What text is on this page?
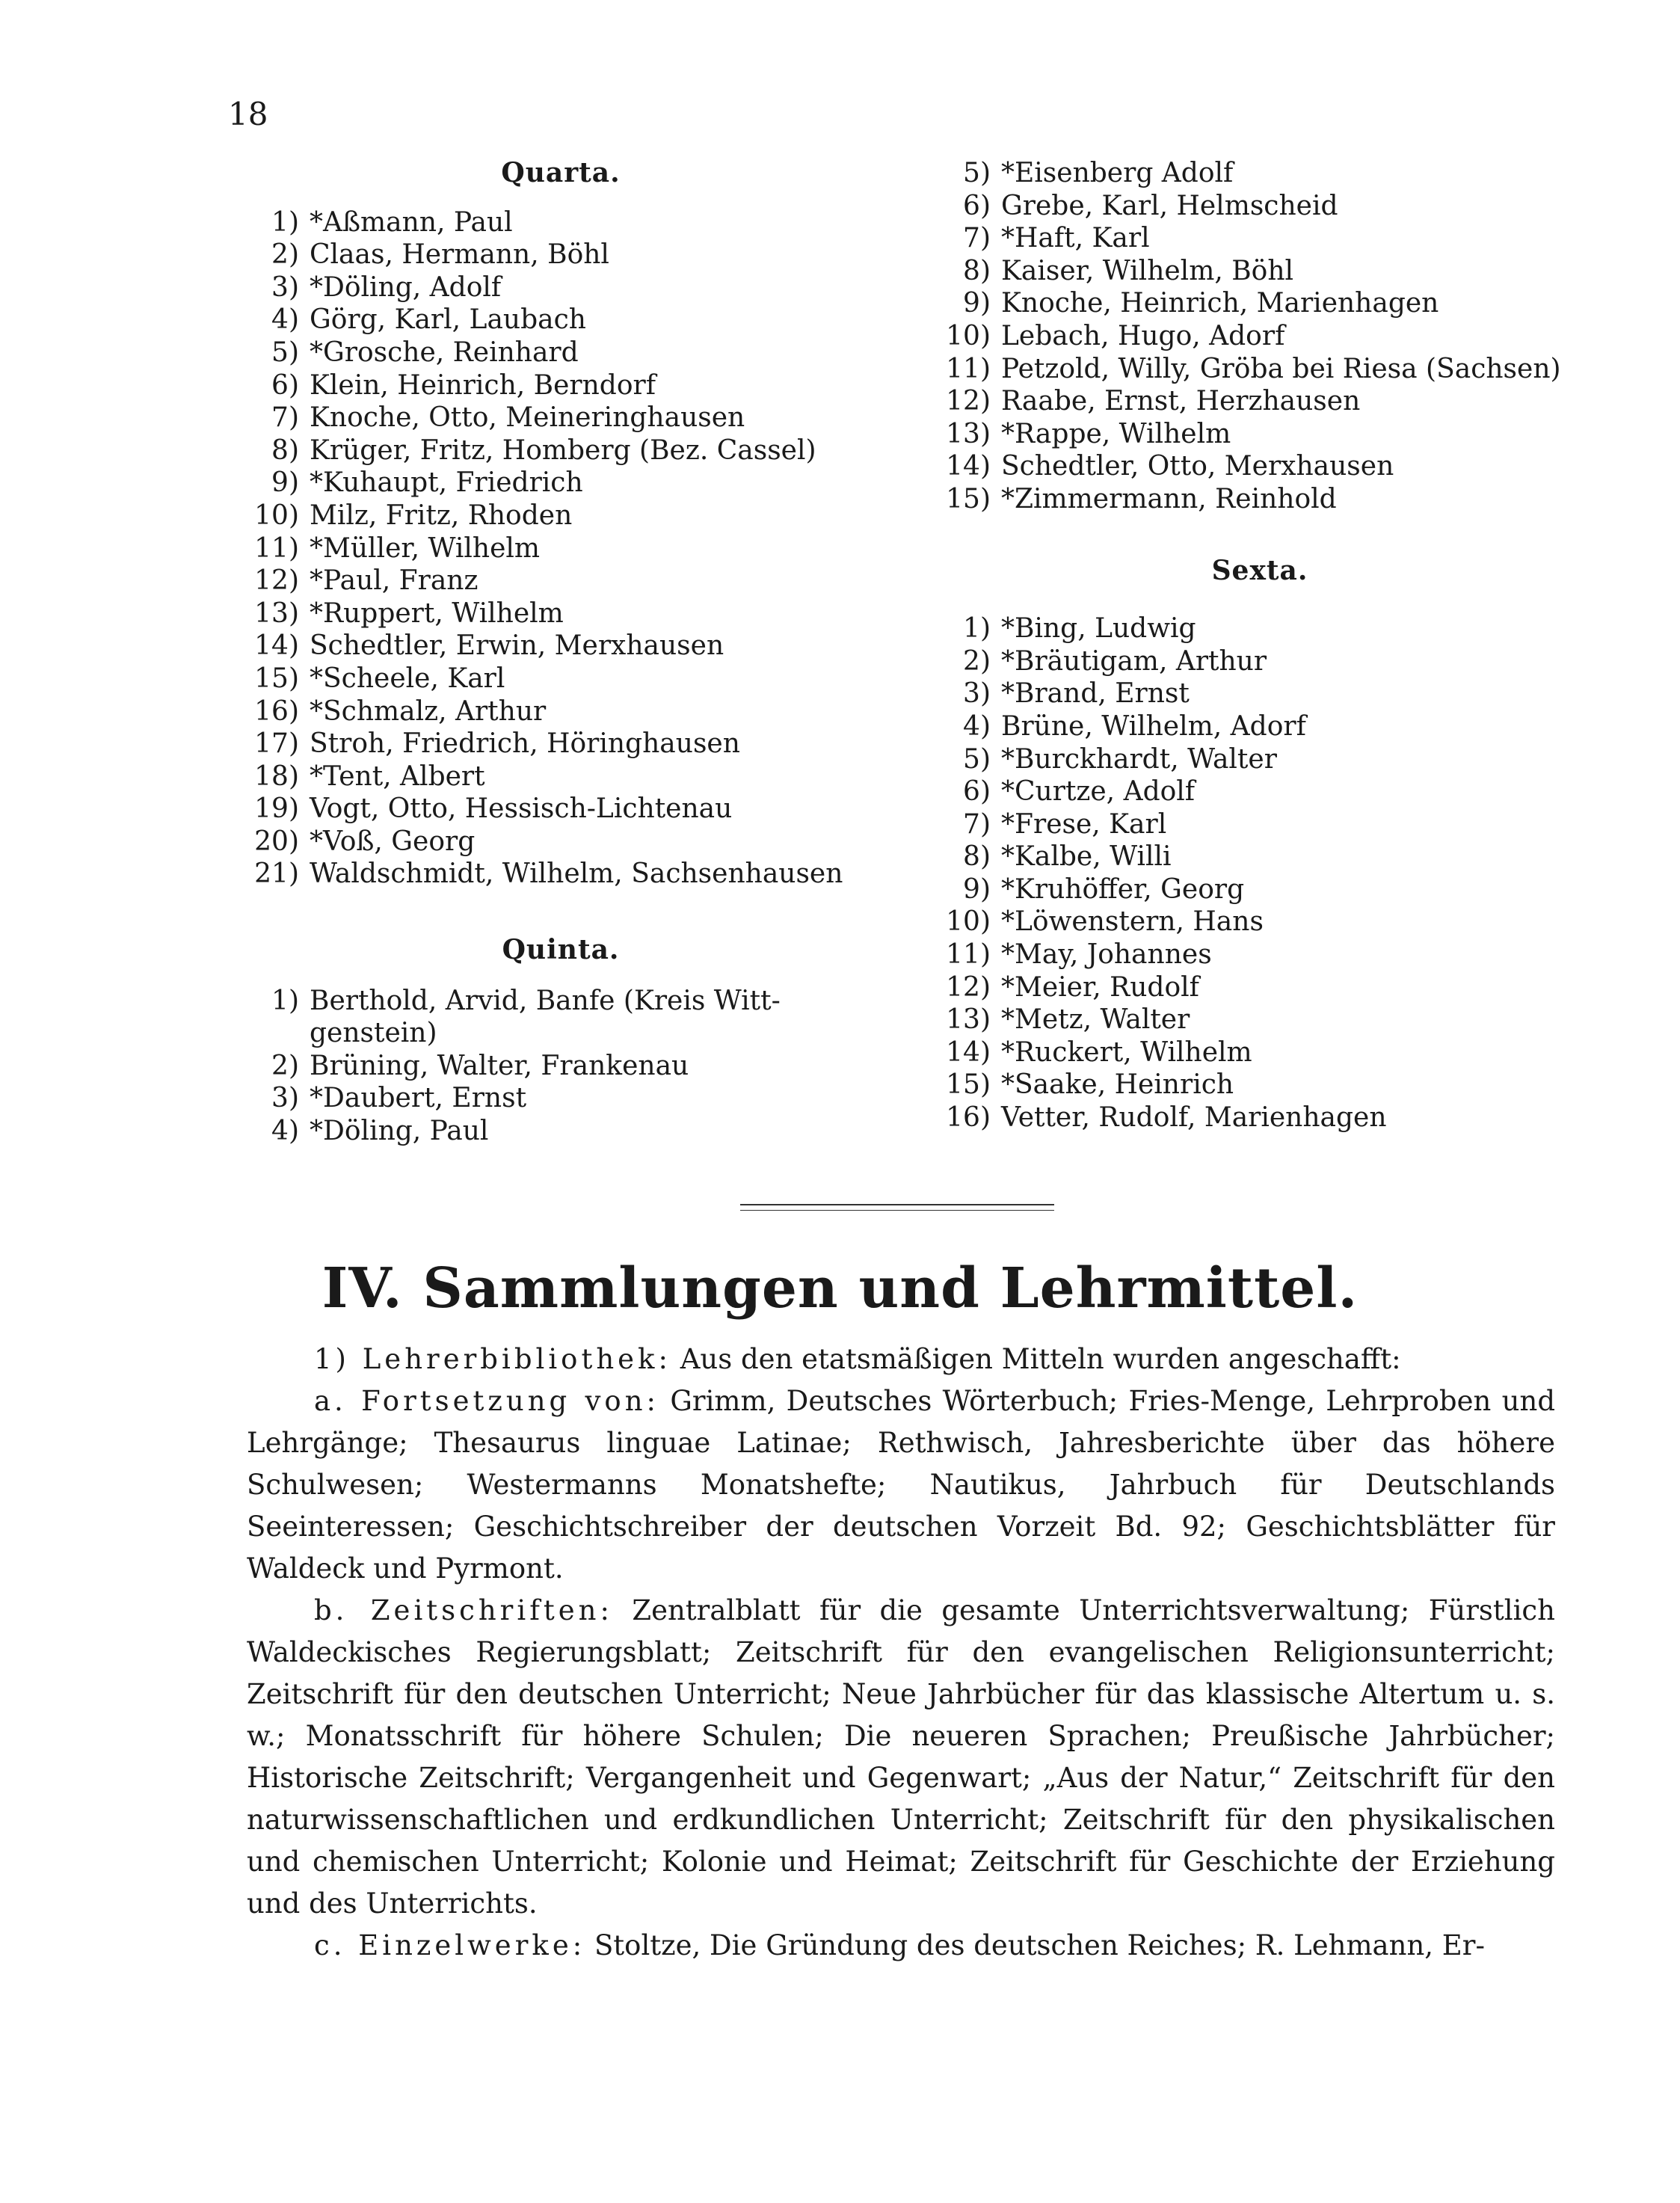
18
Quarta.
1) *Aßmann, Paul
2) Claas, Hermann, Böhl
3) *Döling, Adolf
4) Görg, Karl, Laubach
5) *Grosche, Reinhard
6) Klein, Heinrich, Berndorf
7) Knoche, Otto, Meineringhausen
8) Krüger, Fritz, Homberg (Bez. Cassel)
9) *Kuhaupt, Friedrich
10) Milz, Fritz, Rhoden
11) *Müller, Wilhelm
12) *Paul, Franz
13) *Ruppert, Wilhelm
14) Schedtler, Erwin, Merxhausen
15) *Scheele, Karl
16) *Schmalz, Arthur
17) Stroh, Friedrich, Höringhausen
18) *Tent, Albert
19) Vogt, Otto, Hessisch-Lichtenau
20) *Voß, Georg
21) Waldschmidt, Wilhelm, Sachsenhausen
Quinta.
1) Berthold, Arvid, Banfe (Kreis Witt-
genstein)
2) Brüning, Walter, Frankenau
3) *Daubert, Ernst
4) *Döling, Paul
5) *Eisenberg Adolf
6) Grebe, Karl, Helmscheid
7) *Haft, Karl
8) Kaiser, Wilhelm, Böhl
9) Knoche, Heinrich, Marienhagen
10) Lebach, Hugo, Adorf
11) Petzold, Willy, Gröba bei Riesa (Sachsen)
12) Raabe, Ernst, Herzhausen
13) *Rappe, Wilhelm
14) Schedtler, Otto, Merxhausen
15) *Zimmermann, Reinhold
Sexta.
1) *Bing, Ludwig
2) *Bräutigam, Arthur
3) *Brand, Ernst
4) Brüne, Wilhelm, Adorf
5) *Burckhardt, Walter
6) *Curtze, Adolf
7) *Frese, Karl
8) *Kalbe, Willi
9) *Kruhöffer, Georg
10) *Löwenstern, Hans
11) *May, Johannes
12) *Meier, Rudolf
13) *Metz, Walter
14) *Ruckert, Wilhelm
15) *Saake, Heinrich
16) Vetter, Rudolf, Marienhagen
IV. Sammlungen und Lehrmittel.

1) Lehrerbibliothek: Aus den etatsmäßigen Mitteln wurden angeschafft:

a. Fortsetzung von: Grimm, Deutsches Wörterbuch; Fries-Menge, Lehrproben und Lehrgänge; Thesaurus linguae Latinae; Rethwisch, Jahresberichte über das höhere Schulwesen; Westermanns Monatshefte; Nautikus, Jahrbuch für Deutschlands Seeinteressen; Geschichtschreiber der deutschen Vorzeit Bd. 92; Geschichtsblätter für Waldeck und Pyrmont.

b. Zeitschriften: Zentralblatt für die gesamte Unterrichtsverwaltung; Fürstlich Waldeckisches Regierungsblatt; Zeitschrift für den evangelischen Religionsunterricht; Zeitschrift für den deutschen Unterricht; Neue Jahrbücher für das klassische Altertum u. s. w.; Monatsschrift für höhere Schulen; Die neueren Sprachen; Preußische Jahrbücher; Historische Zeitschrift; Vergangenheit und Gegenwart; „Aus der Natur,“ Zeitschrift für den naturwissenschaftlichen und erdkundlichen Unterricht; Zeitschrift für den physikalischen und chemischen Unterricht; Kolonie und Heimat; Zeitschrift für Geschichte der Erziehung und des Unterrichts.

c. Einzelwerke: Stoltze, Die Gründung des deutschen Reiches; R. Lehmann, Er-
